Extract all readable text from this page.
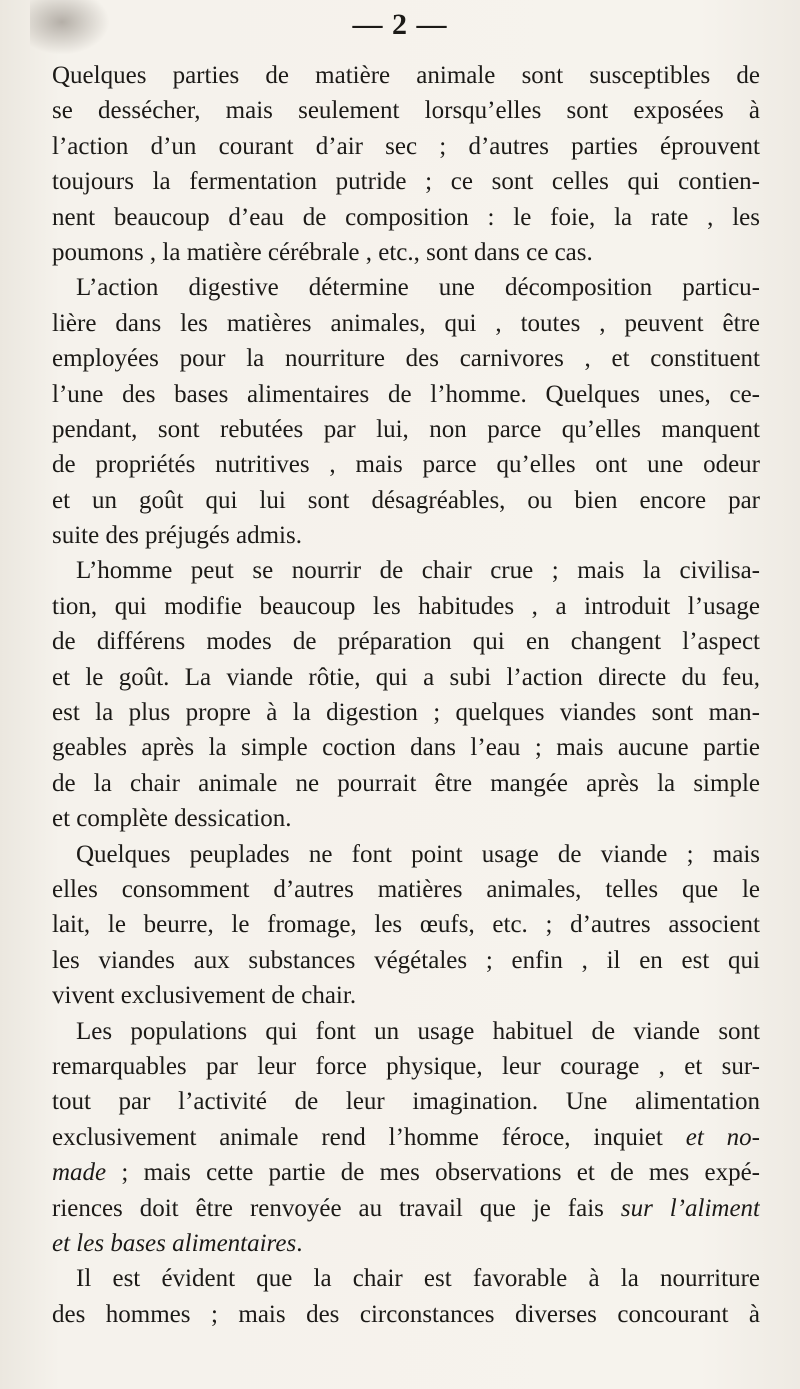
— 2 —
Quelques parties de matière animale sont susceptibles de
se dessécher, mais seulement lorsqu’elles sont exposées à
l’action d’un courant d’air sec ; d’autres parties éprouvent
toujours la fermentation putride ; ce sont celles qui contien-
nent beaucoup d’eau de composition : le foie, la rate , les
poumons , la matière cérébrale , etc., sont dans ce cas.
L’action digestive détermine une décomposition particu-
lière dans les matières animales, qui , toutes , peuvent être
employées pour la nourriture des carnivores , et constituent
l’une des bases alimentaires de l’homme. Quelques unes, ce-
pendant, sont rebutées par lui, non parce qu’elles manquent
de propriétés nutritives , mais parce qu’elles ont une odeur
et un goût qui lui sont désagréables, ou bien encore par
suite des préjugés admis.
L’homme peut se nourrir de chair crue ; mais la civilisa-
tion, qui modifie beaucoup les habitudes , a introduit l’usage
de différens modes de préparation qui en changent l’aspect
et le goût. La viande rôtie, qui a subi l’action directe du feu,
est la plus propre à la digestion ; quelques viandes sont man-
geables après la simple coction dans l’eau ; mais aucune partie
de la chair animale ne pourrait être mangée après la simple
et complète dessication.
Quelques peuplades ne font point usage de viande ; mais
elles consomment d’autres matières animales, telles que le
lait, le beurre, le fromage, les œufs, etc. ; d’autres associent
les viandes aux substances végétales ; enfin , il en est qui
vivent exclusivement de chair.
Les populations qui font un usage habituel de viande sont
remarquables par leur force physique, leur courage , et sur-
tout par l’activité de leur imagination. Une alimentation
exclusivement animale rend l’homme féroce, inquiet et no-
made ; mais cette partie de mes observations et de mes expé-
riences doit être renvoyée au travail que je fais sur l’aliment
et les bases alimentaires.
Il est évident que la chair est favorable à la nourriture
des hommes ; mais des circonstances diverses concourant à
